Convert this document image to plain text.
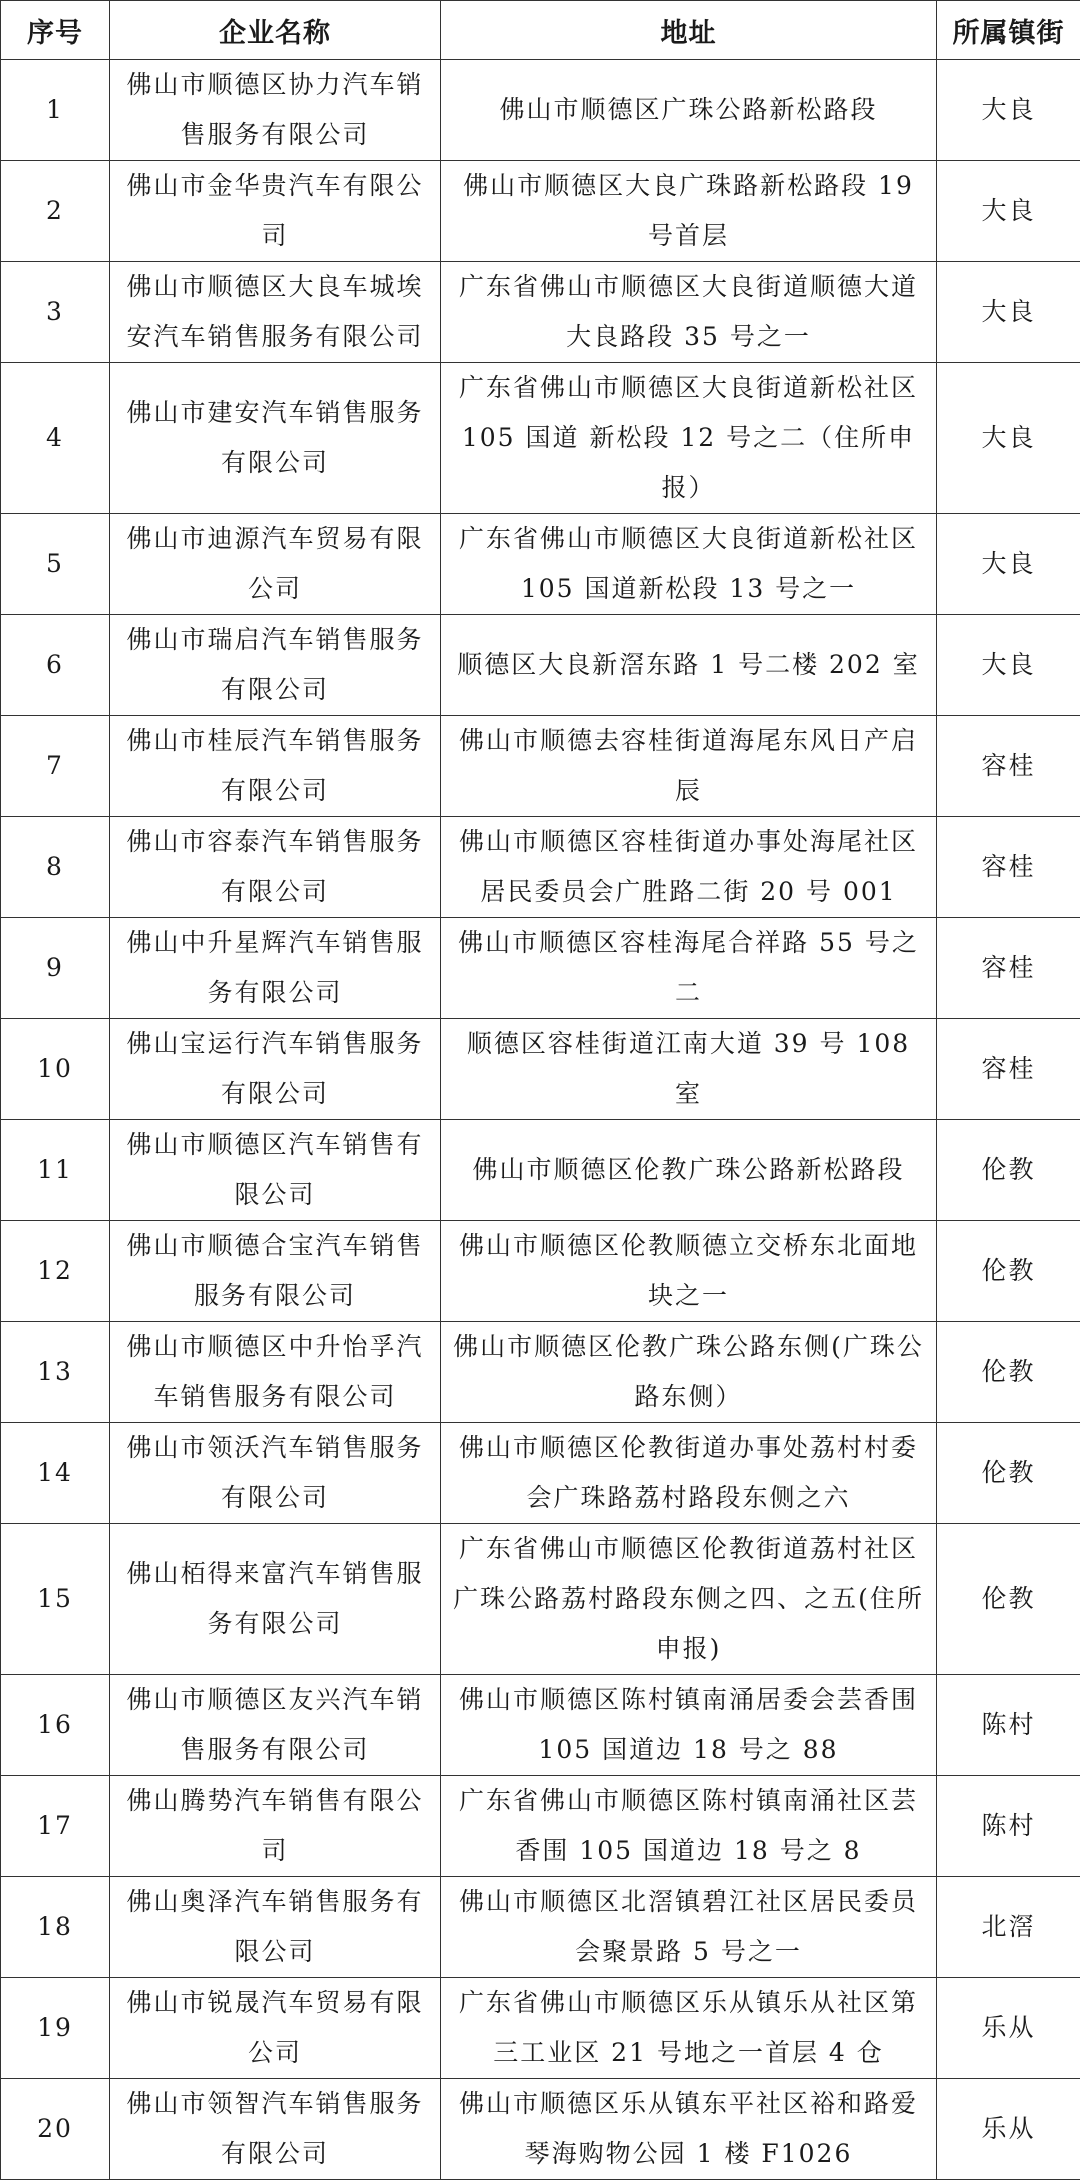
序号	企业名称	地址	所属镇街
1	佛山市顺德区协力汽车销售服务有限公司	佛山市顺德区广珠公路新松路段	大良
2	佛山市金华贵汽车有限公司	佛山市顺德区大良广珠路新松路段 19 号首层	大良
3	佛山市顺德区大良车城埃安汽车销售服务有限公司	广东省佛山市顺德区大良街道顺德大道大良路段 35 号之一	大良
4	佛山市建安汽车销售服务有限公司	广东省佛山市顺德区大良街道新松社区 105 国道 新松段 12 号之二（住所申报）	大良
5	佛山市迪源汽车贸易有限公司	广东省佛山市顺德区大良街道新松社区 105 国道新松段 13 号之一	大良
6	佛山市瑞启汽车销售服务有限公司	顺德区大良新滘东路 1 号二楼 202 室	大良
7	佛山市桂辰汽车销售服务有限公司	佛山市顺德去容桂街道海尾东风日产启辰	容桂
8	佛山市容泰汽车销售服务有限公司	佛山市顺德区容桂街道办事处海尾社区居民委员会广胜路二街 20 号 001	容桂
9	佛山中升星辉汽车销售服务有限公司	佛山市顺德区容桂海尾合祥路 55 号之二	容桂
10	佛山宝运行汽车销售服务有限公司	顺德区容桂街道江南大道 39 号 108 室	容桂
11	佛山市顺德区汽车销售有限公司	佛山市顺德区伦教广珠公路新松路段	伦教
12	佛山市顺德合宝汽车销售服务有限公司	佛山市顺德区伦教顺德立交桥东北面地块之一	伦教
13	佛山市顺德区中升怡孚汽车销售服务有限公司	佛山市顺德区伦教广珠公路东侧(广珠公路东侧）	伦教
14	佛山市领沃汽车销售服务有限公司	佛山市顺德区伦教街道办事处荔村村委会广珠路荔村路段东侧之六	伦教
15	佛山栢得来富汽车销售服务有限公司	广东省佛山市顺德区伦教街道荔村社区广珠公路荔村路段东侧之四、之五(住所申报)	伦教
16	佛山市顺德区友兴汽车销售服务有限公司	佛山市顺德区陈村镇南涌居委会芸香围 105 国道边 18 号之 88	陈村
17	佛山腾势汽车销售有限公司	广东省佛山市顺德区陈村镇南涌社区芸香围 105 国道边 18 号之 8	陈村
18	佛山奥泽汽车销售服务有限公司	佛山市顺德区北滘镇碧江社区居民委员会聚景路 5 号之一	北滘
19	佛山市锐晟汽车贸易有限公司	广东省佛山市顺德区乐从镇乐从社区第三工业区 21 号地之一首层 4 仓	乐从
20	佛山市领智汽车销售服务有限公司	佛山市顺德区乐从镇东平社区裕和路爱琴海购物公园 1 楼 F1026	乐从
